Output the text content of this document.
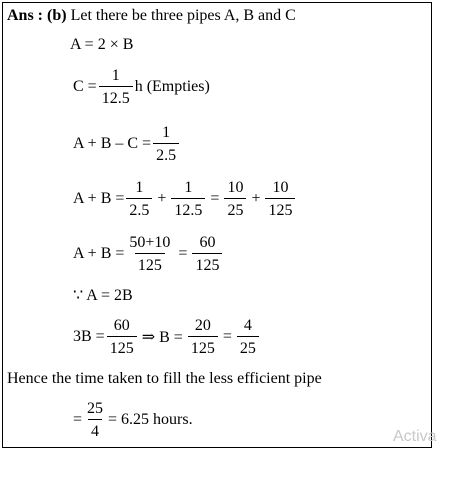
Ans : (b) Let there be three pipes A, B and C
A = 2 × B
$C = \frac{1}{12.5}$ h (Empties)
$A + B - C = \frac{1}{2.5}$
$A + B = \frac{1}{2.5} + \frac{1}{12.5} = \frac{10}{25} + \frac{10}{125}$
$A + B = \frac{50+10}{125} = \frac{60}{125}$
∵ A = 2B
$3B = \frac{60}{125}$ ⇒ $B = \frac{20}{125} = \frac{4}{25}$
Hence the time taken to fill the less efficient pipe
= $\frac{25}{4} = 6.25$ hours.
Activa
